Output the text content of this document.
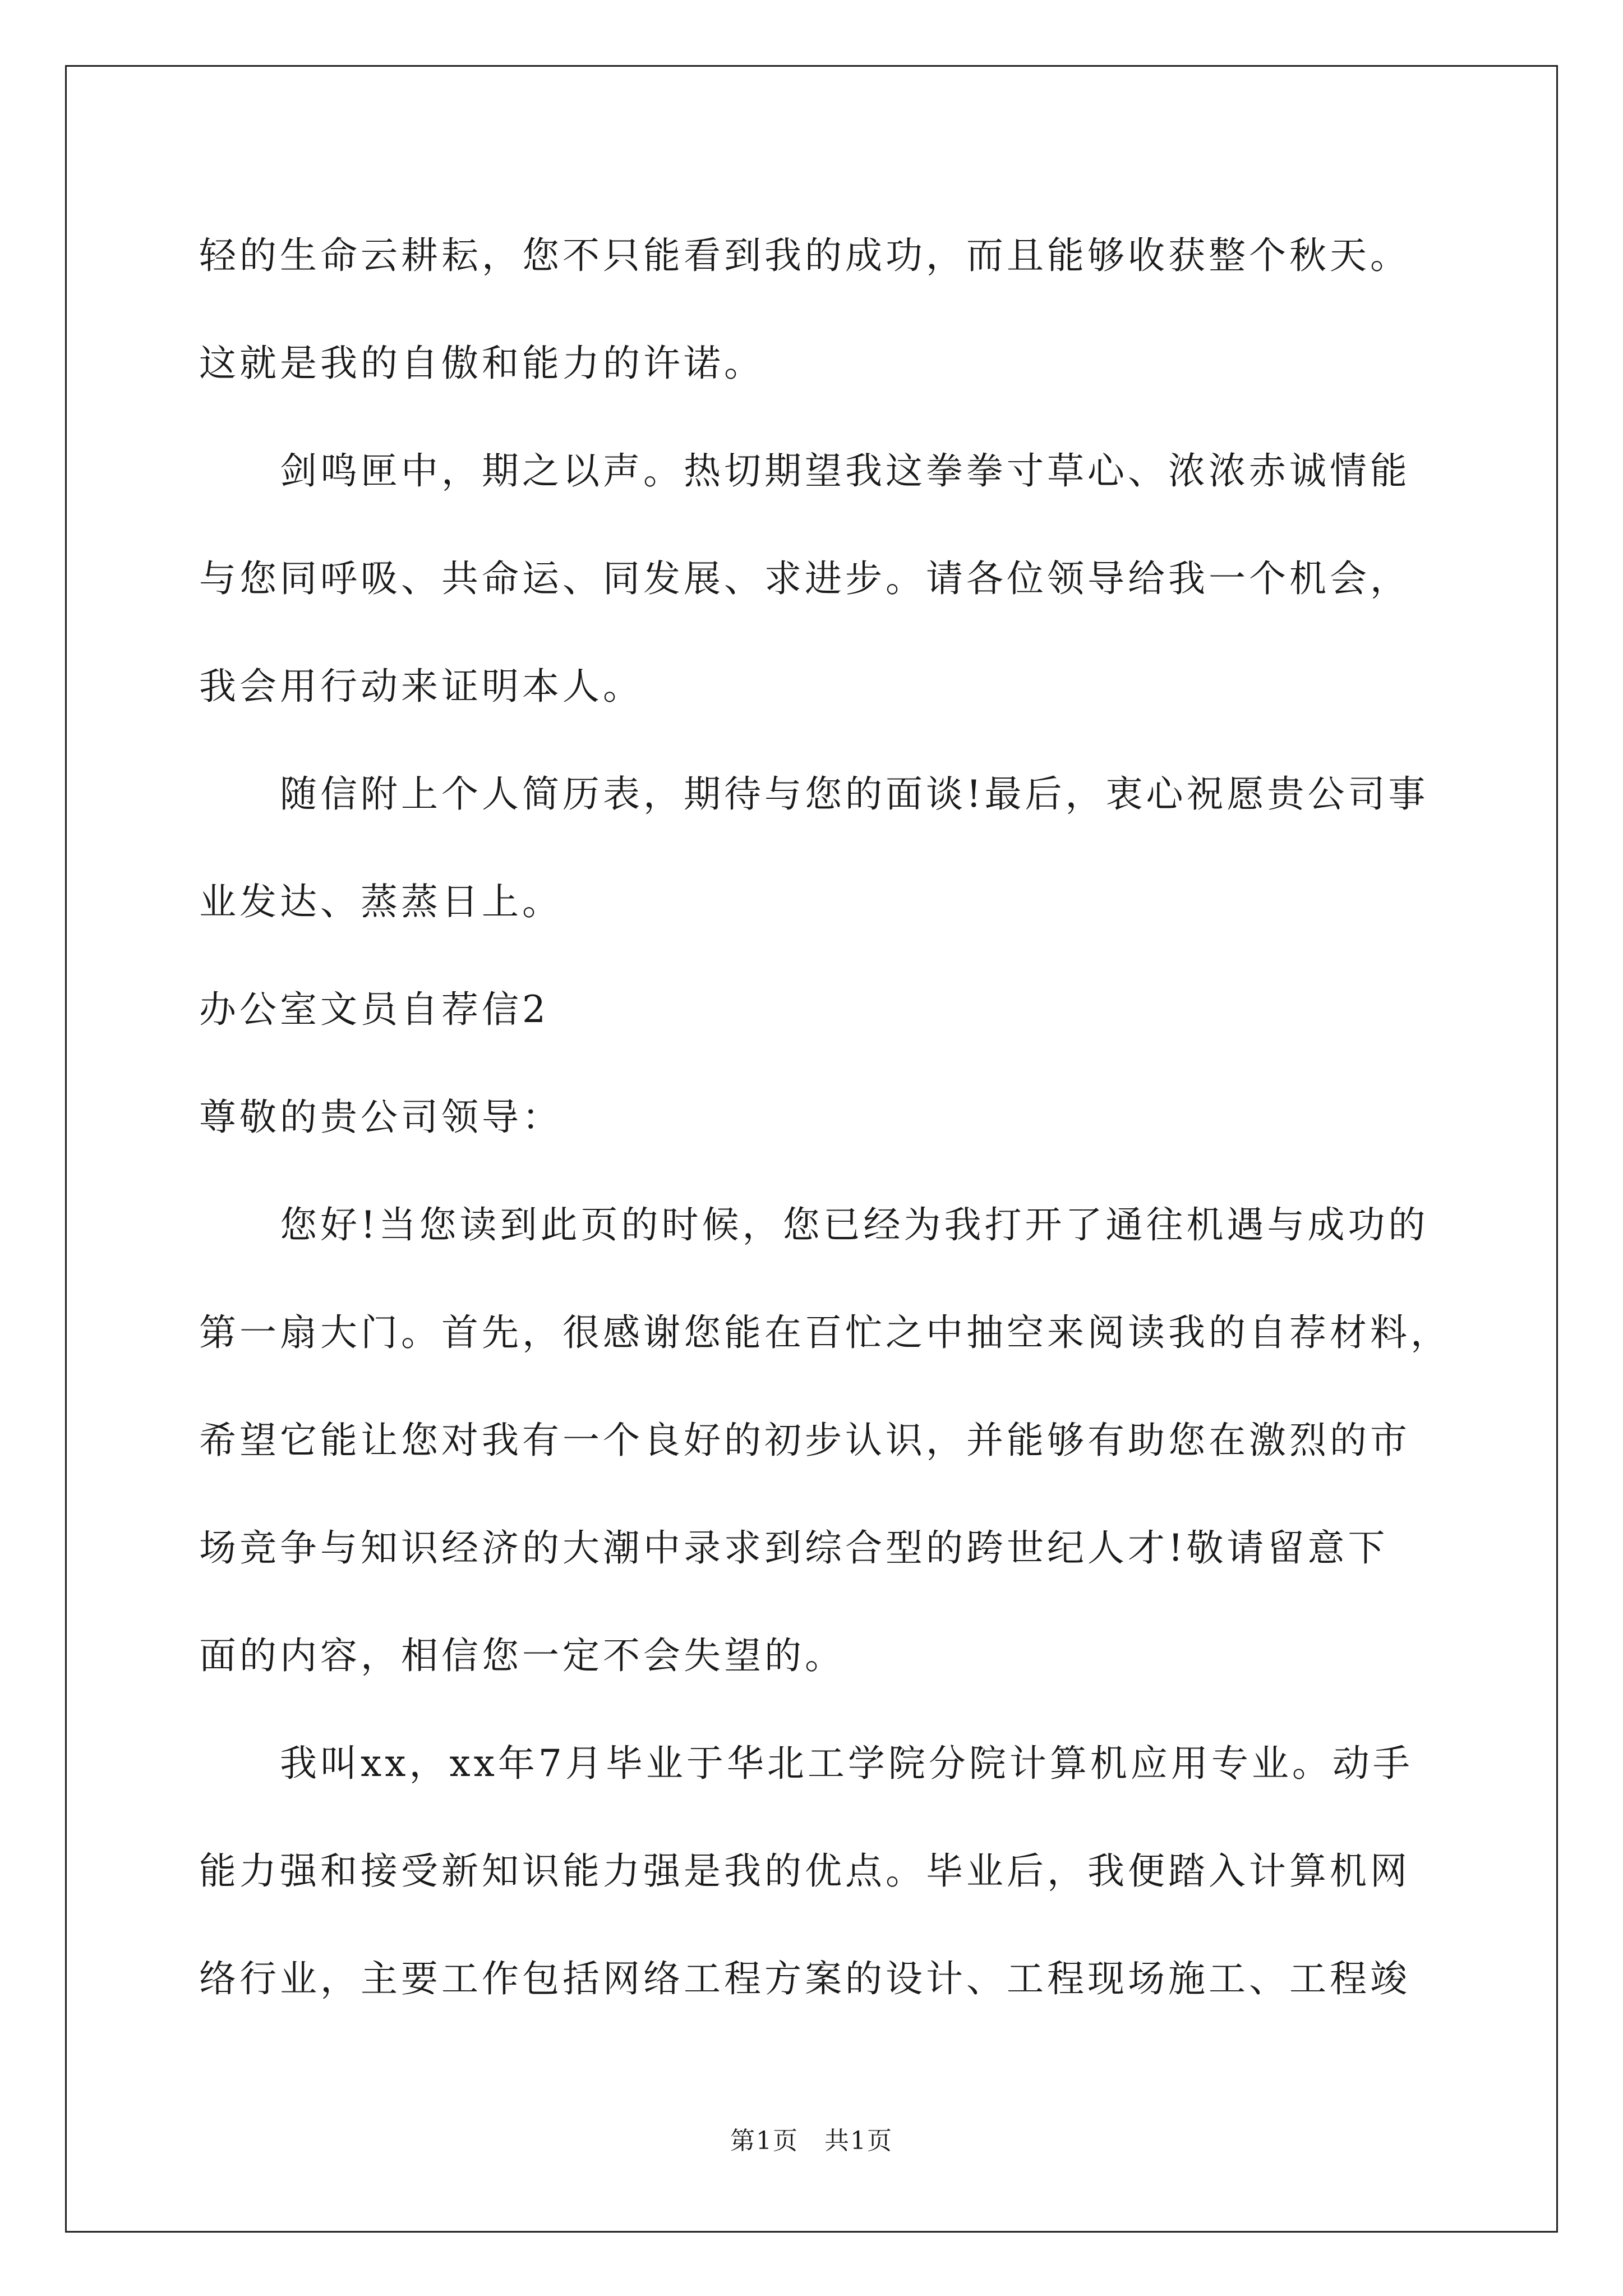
轻的生命云耕耘，您不只能看到我的成功，而且能够收获整个秋天。
这就是我的自傲和能力的许诺。
剑鸣匣中，期之以声。热切期望我这拳拳寸草心、浓浓赤诚情能
与您同呼吸、共命运、同发展、求进步。请各位领导给我一个机会，
我会用行动来证明本人。
随信附上个人简历表，期待与您的面谈!最后，衷心祝愿贵公司事
业发达、蒸蒸日上。
办公室文员自荐信2
尊敬的贵公司领导：
您好!当您读到此页的时候，您已经为我打开了通往机遇与成功的
第一扇大门。首先，很感谢您能在百忙之中抽空来阅读我的自荐材料，
希望它能让您对我有一个良好的初步认识，并能够有助您在激烈的市
场竞争与知识经济的大潮中录求到综合型的跨世纪人才!敬请留意下
面的内容，相信您一定不会失望的。
我叫xx，xx年7月毕业于华北工学院分院计算机应用专业。动手
能力强和接受新知识能力强是我的优点。毕业后，我便踏入计算机网
络行业，主要工作包括网络工程方案的设计、工程现场施工、工程竣
第1页　共1页
